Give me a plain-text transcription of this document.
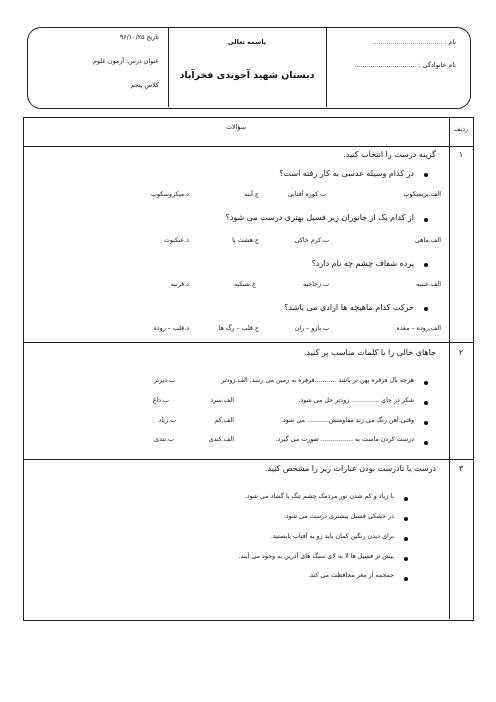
نام : ...................................
نام خانوادگی : ...............................
باسمه تعالی
دبستان شهید آخوندی فخرآباد
تاریخ ۹۶/۱۰/۲۵
عنوان درس: آزمون علوم
کلاس پنجم
ردیف
سؤالات
۱
گزینه درست را انتخاب کنید.
در کدام وسیله عدسی به کار رفته است؟
الف.پریسکوپ
ب.کوره آفتابی
ج.آینه
د.میکروسکوپ
از کدام یک از جانوران زیر فسیل بهتری درست می شود؟
الف.ماهی
ب.کرم خاکی
ج.هشت پا
د.عنکبوت
پرده شفاف چشم چه نام دارد؟
الف.عنبیه
ب.زجاجیه
ج.شبکیه
د.قرنیه
حرکت کدام ماهیچه ها ارادی می باشد؟
الف.روده – معده
ب.بازو – ران
ج.قلب – رگ ها
د.قلب – روده
۲
جاهای خالی را با کلمات مناسب پر کنید.
هرچه بال فرفره پهن تر باشد ...........فرفره به زمین می رسد. الف.زودتر
ب.دیرتر
شکر در چای .............. زودتر حل می شود.
الف.سرد
ب.داغ
وقتی آهن زنگ می زند مقاومتش........... می شود.
الف.کم
ب.زیاد
درست کردن ماست به ................ صورت می گیرد.
الف.کندی
ب.تندی
۳
درست یا نادرست بودن عبارات زیر را مشخص کنید.
با زیاد و کم شدن نور مردمک چشم تنگ یا گشاد می شود.
در خشکی فسیل بیشتری درست می شود.
برای دیدن رنگین کمان باید رو به آفتاب بایستید.
بیش تر فسیل ها لا به لای سنگ های آذرین به وجود می آیند.
جمجمه از مغز محافظت می کند.
